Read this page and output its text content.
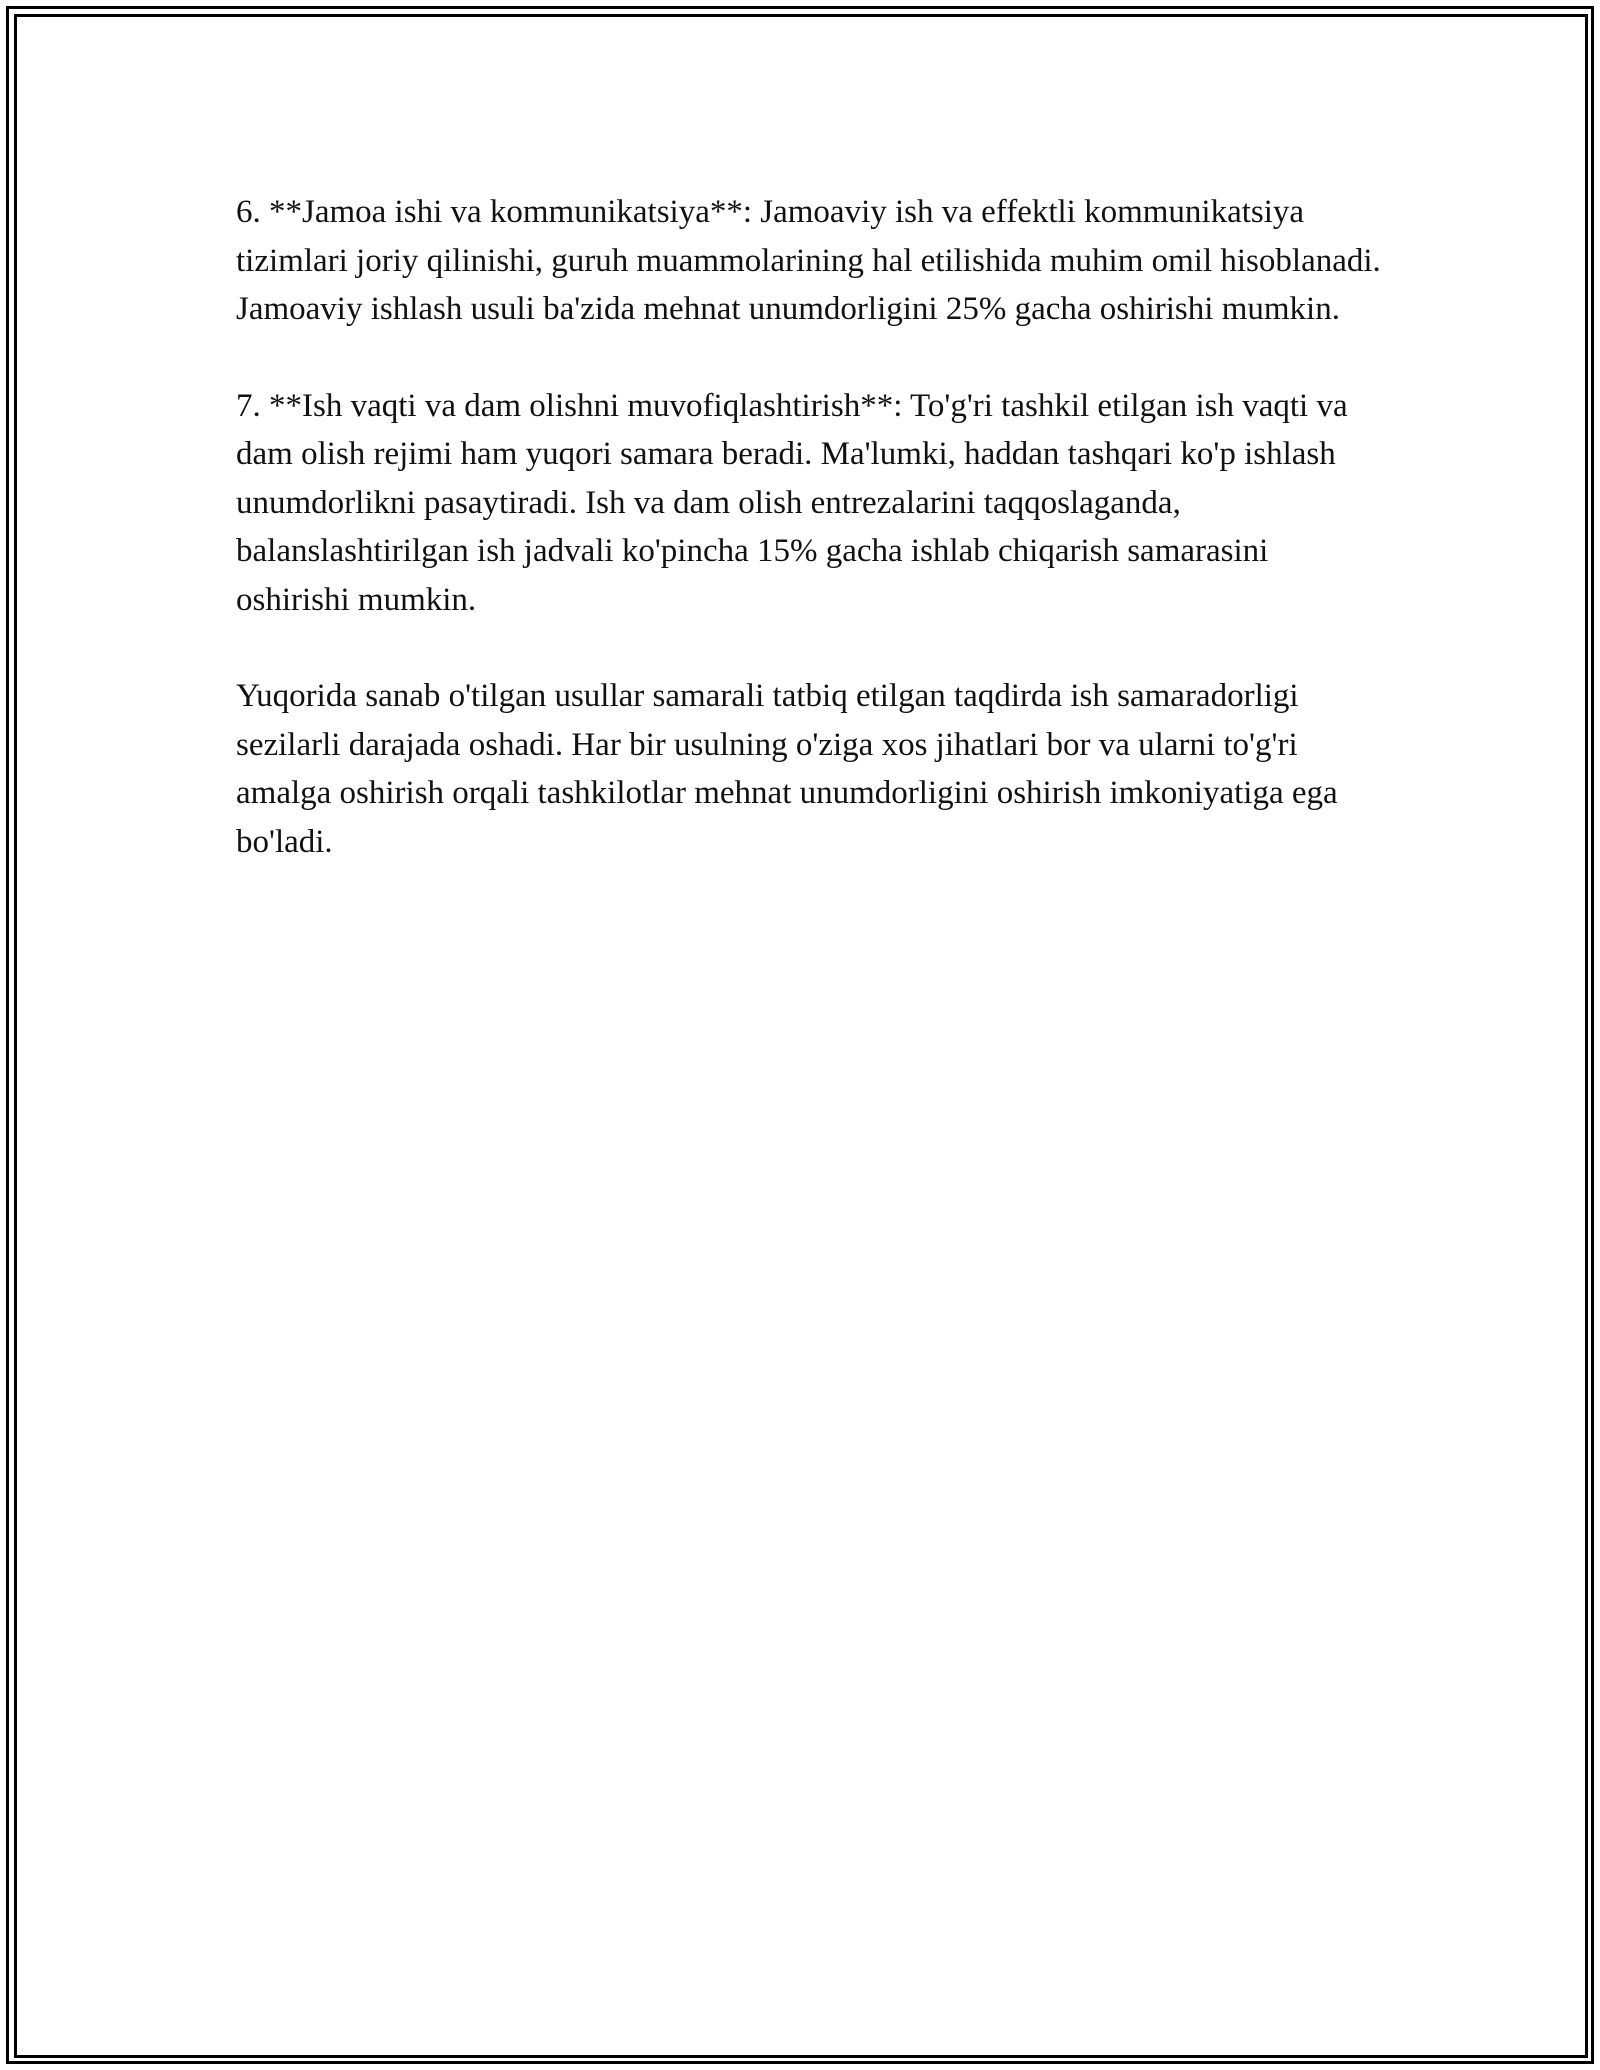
6. **Jamoa ishi va kommunikatsiya**: Jamoaviy ish va effektli kommunikatsiya tizimlari joriy qilinishi, guruh muammolarining hal etilishida muhim omil hisoblanadi. Jamoaviy ishlash usuli ba'zida mehnat unumdorligini 25% gacha oshirishi mumkin.

7. **Ish vaqti va dam olishni muvofiqlashtirish**: To'g'ri tashkil etilgan ish vaqti va dam olish rejimi ham yuqori samara beradi. Ma'lumki, haddan tashqari ko'p ishlash unumdorlikni pasaytiradi. Ish va dam olish entrezalarini taqqoslaganda, balanslashtirilgan ish jadvali ko'pincha 15% gacha ishlab chiqarish samarasini oshirishi mumkin.

Yuqorida sanab o'tilgan usullar samarali tatbiq etilgan taqdirda ish samaradorligi sezilarli darajada oshadi. Har bir usulning o'ziga xos jihatlari bor va ularni to'g'ri amalga oshirish orqali tashkilotlar mehnat unumdorligini oshirish imkoniyatiga ega bo'ladi.
